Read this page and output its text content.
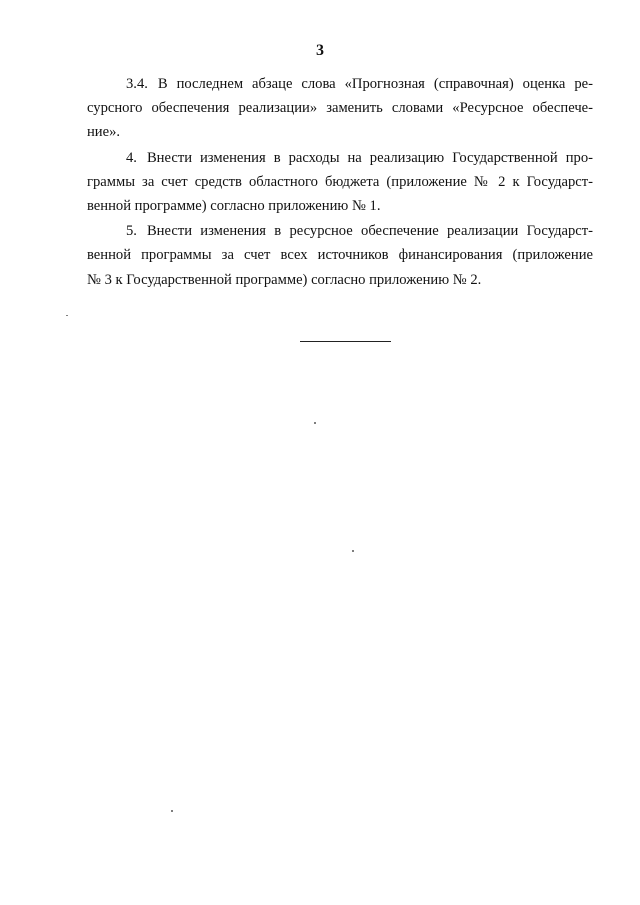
3

3.4. В последнем абзаце слова «Прогнозная (справочная) оценка ре-
сурсного обеспечения реализации» заменить словами «Ресурсное обеспече-
ние».

4. Внести изменения в расходы на реализацию Государственной про-
граммы за счет средств областного бюджета (приложение № 2 к Государст-
венной программе) согласно приложению № 1.

5. Внести изменения в ресурсное обеспечение реализации Государст-
венной программы за счет всех источников финансирования (приложение
№ 3 к Государственной программе) согласно приложению № 2.
